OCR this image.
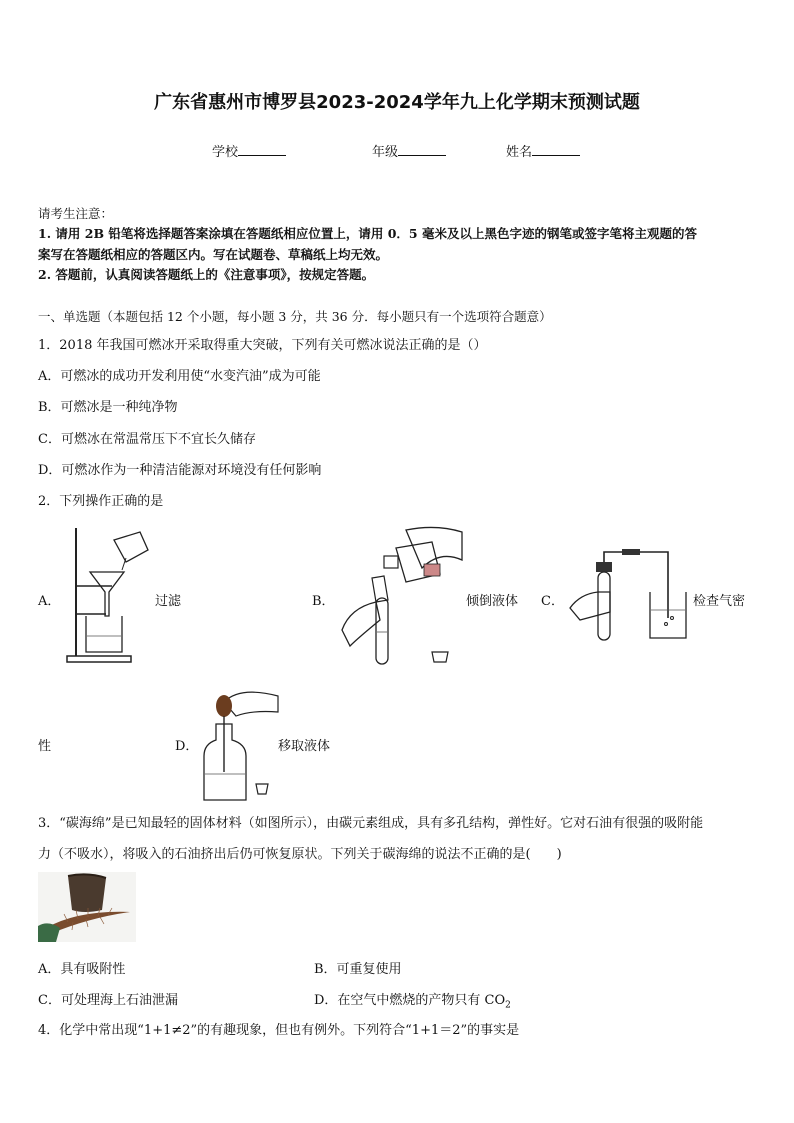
广东省惠州市博罗县2023-2024学年九上化学期末预测试题
学校	年级	姓名
请考生注意：
1. 请用 2B 铅笔将选择题答案涂填在答题纸相应位置上，请用 0．5 毫米及以上黑色字迹的钢笔或签字笔将主观题的答
案写在答题纸相应的答题区内。写在试题卷、草稿纸上均无效。
2. 答题前，认真阅读答题纸上的《注意事项》，按规定答题。
一、单选题（本题包括 12 个小题，每小题 3 分，共 36 分．每小题只有一个选项符合题意）
1．2018 年我国可燃冰开采取得重大突破，下列有关可燃冰说法正确的是（）
A．可燃冰的成功开发利用使“水变汽油”成为可能
B．可燃冰是一种纯净物
C．可燃冰在常温常压下不宜长久储存
D．可燃冰作为一种清洁能源对环境没有任何影响
2．下列操作正确的是
A．	过滤	B．	倾倒液体 C．	检查气密
性	D．	移取液体
3．“碳海绵”是已知最轻的固体材料（如图所示），由碳元素组成，具有多孔结构，弹性好。它对石油有很强的吸附能
力（不吸水），将吸入的石油挤出后仍可恢复原状。下列关于碳海绵的说法不正确的是(　　)
A．具有吸附性	B．可重复使用
C．可处理海上石油泄漏	D．在空气中燃烧的产物只有 $CO_2$
4．化学中常出现“1+1≠2”的有趣现象，但也有例外。下列符合“1+1＝2”的事实是
